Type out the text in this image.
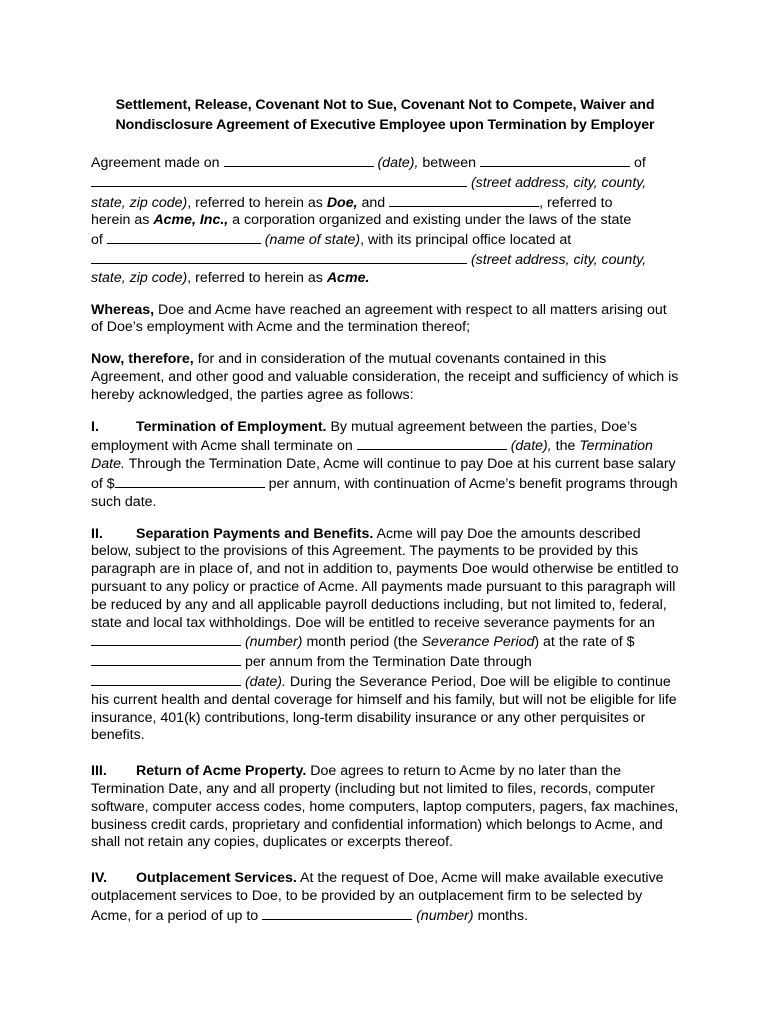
Settlement, Release, Covenant Not to Sue, Covenant Not to Compete, Waiver and
Nondisclosure Agreement of Executive Employee upon Termination by Employer

Agreement made on	(date), between	of
(street address, city, county,
state, zip code), referred to herein as Doe, and	, referred to
herein as Acme, Inc., a corporation organized and existing under the laws of the state
of	(name of state), with its principal office located at
(street address, city, county,
state, zip code), referred to herein as Acme.

Whereas, Doe and Acme have reached an agreement with respect to all matters arising out of Doe’s employment with Acme and the termination thereof;

Now, therefore, for and in consideration of the mutual covenants contained in this Agreement, and other good and valuable consideration, the receipt and sufficiency of which is hereby acknowledged, the parties agree as follows:

I.	Termination of Employment. By mutual agreement between the parties, Doe’s employment with Acme shall terminate on	(date), the Termination Date. Through the Termination Date, Acme will continue to pay Doe at his current base salary of $	per annum, with continuation of Acme’s benefit programs through such date.

II. Separation Payments and Benefits. Acme will pay Doe the amounts described below, subject to the provisions of this Agreement. The payments to be provided by this paragraph are in place of, and not in addition to, payments Doe would otherwise be entitled to pursuant to any policy or practice of Acme. All payments made pursuant to this paragraph will be reduced by any and all applicable payroll deductions including, but not limited to, federal, state and local tax withholdings. Doe will be entitled to receive severance payments for an  (number) month period (the Severance Period) at the rate of $ per annum from the Termination Date through  (date). During the Severance Period, Doe will be eligible to continue his current health and dental coverage for himself and his family, but will not be eligible for life insurance, 401(k) contributions, long-term disability insurance or any other perquisites or benefits.

III. Return of Acme Property. Doe agrees to return to Acme by no later than the Termination Date, any and all property (including but not limited to files, records, computer software, computer access codes, home computers, laptop computers, pagers, fax machines, business credit cards, proprietary and confidential information) which belongs to Acme, and shall not retain any copies, duplicates or excerpts thereof.

IV. Outplacement Services. At the request of Doe, Acme will make available executive outplacement services to Doe, to be provided by an outplacement firm to be selected by Acme, for a period of up to	(number) months.
